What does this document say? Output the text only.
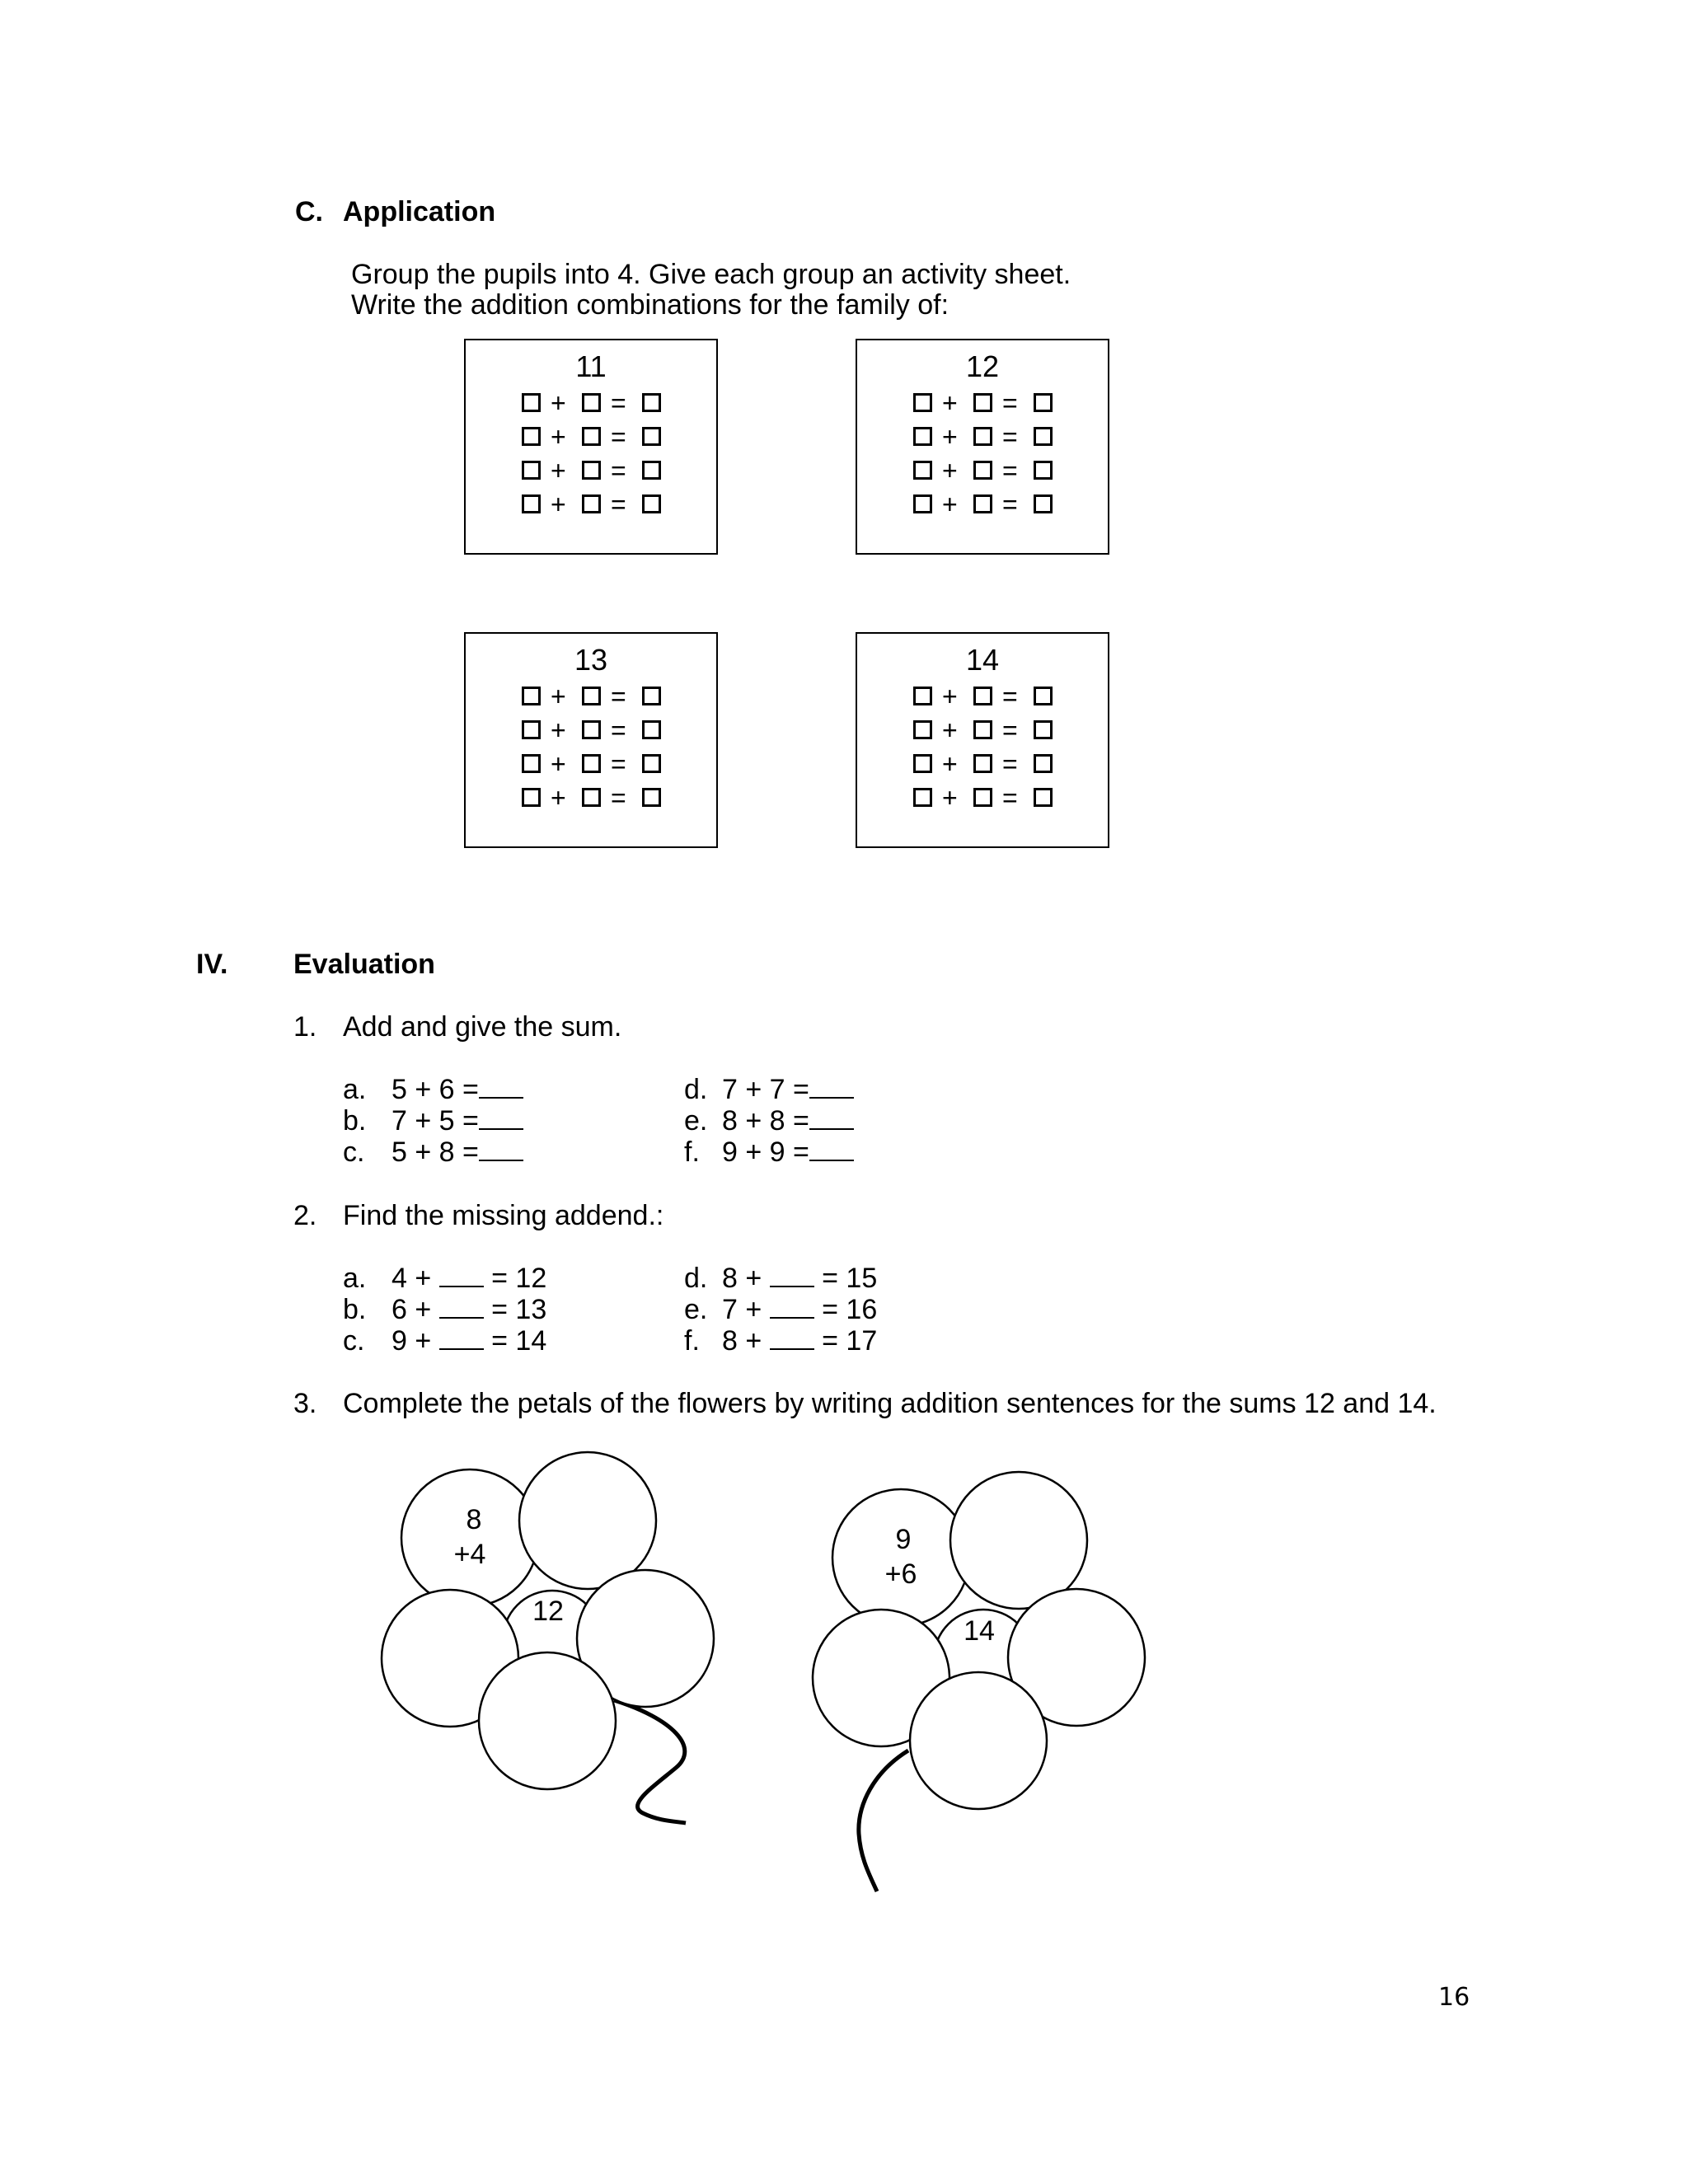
C. Application
Group the pupils into 4. Give each group an activity sheet.
Write the addition combinations for the family of:
11
+ =
+ =
+ =
+ =
12
+ =
+ =
+ =
+ =
13
+ =
+ =
+ =
+ =
14
+ =
+ =
+ =
+ =
IV. Evaluation
1. Add and give the sum.
a. 5 + 6 =
b. 7 + 5 =
c. 5 + 8 =
d. 7 + 7 =
e. 8 + 8 =
f. 9 + 9 =
2. Find the missing addend.:
a. 4 + = 12
b. 6 + = 13
c. 9 + = 14
d. 8 + = 15
e. 7 + = 16
f. 8 + = 17
3. Complete the petals of the flowers by writing addition sentences for the sums 12 and 14.
8
+4
12
9
+6
14
16
